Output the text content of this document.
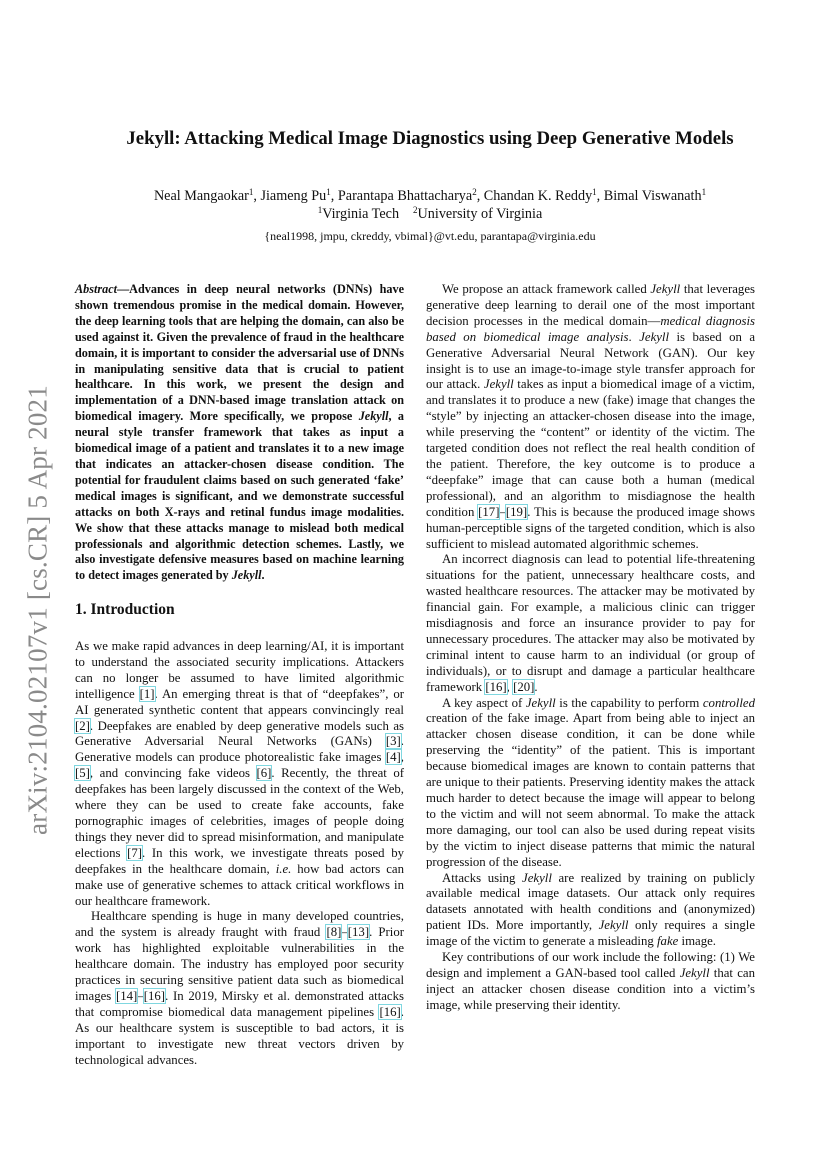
arXiv:2104.02107v1 [cs.CR] 5 Apr 2021
Jekyll: Attacking Medical Image Diagnostics using Deep Generative Models
Neal Mangaokar$^1$, Jiameng Pu$^1$, Parantapa Bhattacharya$^2$, Chandan K. Reddy$^1$, Bimal Viswanath$^1$
$^1$Virginia Tech $^2$University of Virginia
{neal1998, jmpu, ckreddy, vbimal}@vt.edu, parantapa@virginia.edu

Abstract—Advances in deep neural networks (DNNs) have shown tremendous promise in the medical domain. However, the deep learning tools that are helping the domain, can also be used against it. Given the prevalence of fraud in the healthcare domain, it is important to consider the adversarial use of DNNs in manipulating sensitive data that is crucial to patient healthcare. In this work, we present the design and implementation of a DNN-based image translation attack on biomedical imagery. More specifically, we propose Jekyll, a neural style transfer framework that takes as input a biomedical image of a patient and translates it to a new image that indicates an attacker-chosen disease condition. The potential for fraudulent claims based on such generated ‘fake’ medical images is significant, and we demonstrate successful attacks on both X-rays and retinal fundus image modalities. We show that these attacks manage to mislead both medical professionals and algorithmic detection schemes. Lastly, we also investigate defensive measures based on machine learning to detect images generated by Jekyll.

1. Introduction

As we make rapid advances in deep learning/AI, it is important to understand the associated security implications. Attackers can no longer be assumed to have limited algorithmic intelligence [1]. An emerging threat is that of “deepfakes”, or AI generated synthetic content that appears convincingly real [2]. Deepfakes are enabled by deep generative models such as Generative Adversarial Neural Networks (GANs) [3]. Generative models can produce photorealistic fake images [4], [5], and convincing fake videos [6]. Recently, the threat of deepfakes has been largely discussed in the context of the Web, where they can be used to create fake accounts, fake pornographic images of celebrities, images of people doing things they never did to spread misinformation, and manipulate elections [7]. In this work, we investigate threats posed by deepfakes in the healthcare domain, i.e. how bad actors can make use of generative schemes to attack critical workflows in our healthcare framework.

Healthcare spending is huge in many developed countries, and the system is already fraught with fraud [8]–[13]. Prior work has highlighted exploitable vulnerabilities in the healthcare domain. The industry has employed poor security practices in securing sensitive patient data such as biomedical images [14]–[16]. In 2019, Mirsky et al. demonstrated attacks that compromise biomedical data management pipelines [16]. As our healthcare system is susceptible to bad actors, it is important to investigate new threat vectors driven by technological advances.

We propose an attack framework called Jekyll that leverages generative deep learning to derail one of the most important decision processes in the medical domain—medical diagnosis based on biomedical image analysis. Jekyll is based on a Generative Adversarial Neural Network (GAN). Our key insight is to use an image-to-image style transfer approach for our attack. Jekyll takes as input a biomedical image of a victim, and translates it to produce a new (fake) image that changes the “style” by injecting an attacker-chosen disease into the image, while preserving the “content” or identity of the victim. The targeted condition does not reflect the real health condition of the patient. Therefore, the key outcome is to produce a “deepfake” image that can cause both a human (medical professional), and an algorithm to misdiagnose the health condition [17]–[19]. This is because the produced image shows human-perceptible signs of the targeted condition, which is also sufficient to mislead automated algorithmic schemes.

An incorrect diagnosis can lead to potential life-threatening situations for the patient, unnecessary healthcare costs, and wasted healthcare resources. The attacker may be motivated by financial gain. For example, a malicious clinic can trigger misdiagnosis and force an insurance provider to pay for unnecessary procedures. The attacker may also be motivated by criminal intent to cause harm to an individual (or group of individuals), or to disrupt and damage a particular healthcare framework [16], [20].

A key aspect of Jekyll is the capability to perform controlled creation of the fake image. Apart from being able to inject an attacker chosen disease condition, it can be done while preserving the “identity” of the patient. This is important because biomedical images are known to contain patterns that are unique to their patients. Preserving identity makes the attack much harder to detect because the image will appear to belong to the victim and will not seem abnormal. To make the attack more damaging, our tool can also be used during repeat visits by the victim to inject disease patterns that mimic the natural progression of the disease.

Attacks using Jekyll are realized by training on publicly available medical image datasets. Our attack only requires datasets annotated with health conditions and (anonymized) patient IDs. More importantly, Jekyll only requires a single image of the victim to generate a misleading fake image.

Key contributions of our work include the following: (1) We design and implement a GAN-based tool called Jekyll that can inject an attacker chosen disease condition into a victim’s image, while preserving their identity.
